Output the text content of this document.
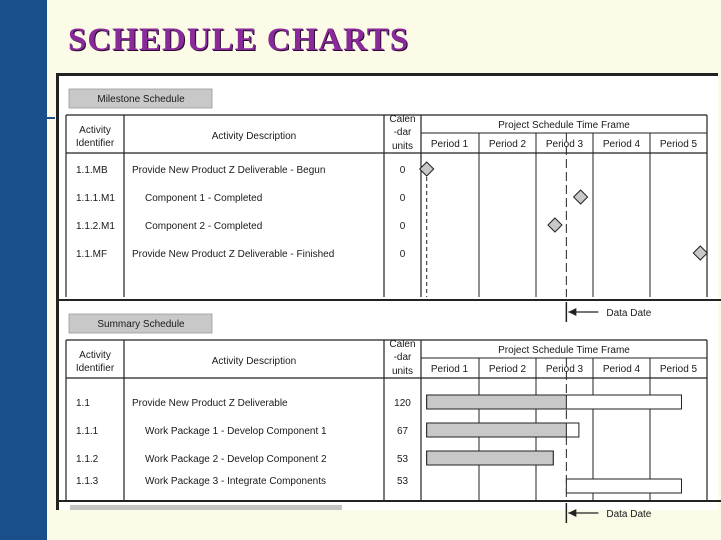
SCHEDULE CHARTS
Milestone Schedule
Activity
Identifier
Activity Description
Calen
-dar
units
Project Schedule Time Frame
Period 1 Period 2 Period 3 Period 4 Period 5
1.1.MB Provide New Product Z Deliverable - Begun	0
1.1.1.M1	Component 1 - Completed	0
1.1.2.M1	Component 2 - Completed	0
1.1.MF Provide New Product Z Deliverable - Finished	0
Data Date
Summary Schedule
Activity
Identifier
Activity Description
Calen
-dar
units
Project Schedule Time Frame
Period 1 Period 2 Period 3 Period 4 Period 5
1.1	Provide New Product Z Deliverable	120
1.1.1	Work Package 1 - Develop Component 1	67
1.1.2	Work Package 2 - Develop Component 2	53
1.1.3	Work Package 3 - Integrate Components	53
Data Date
